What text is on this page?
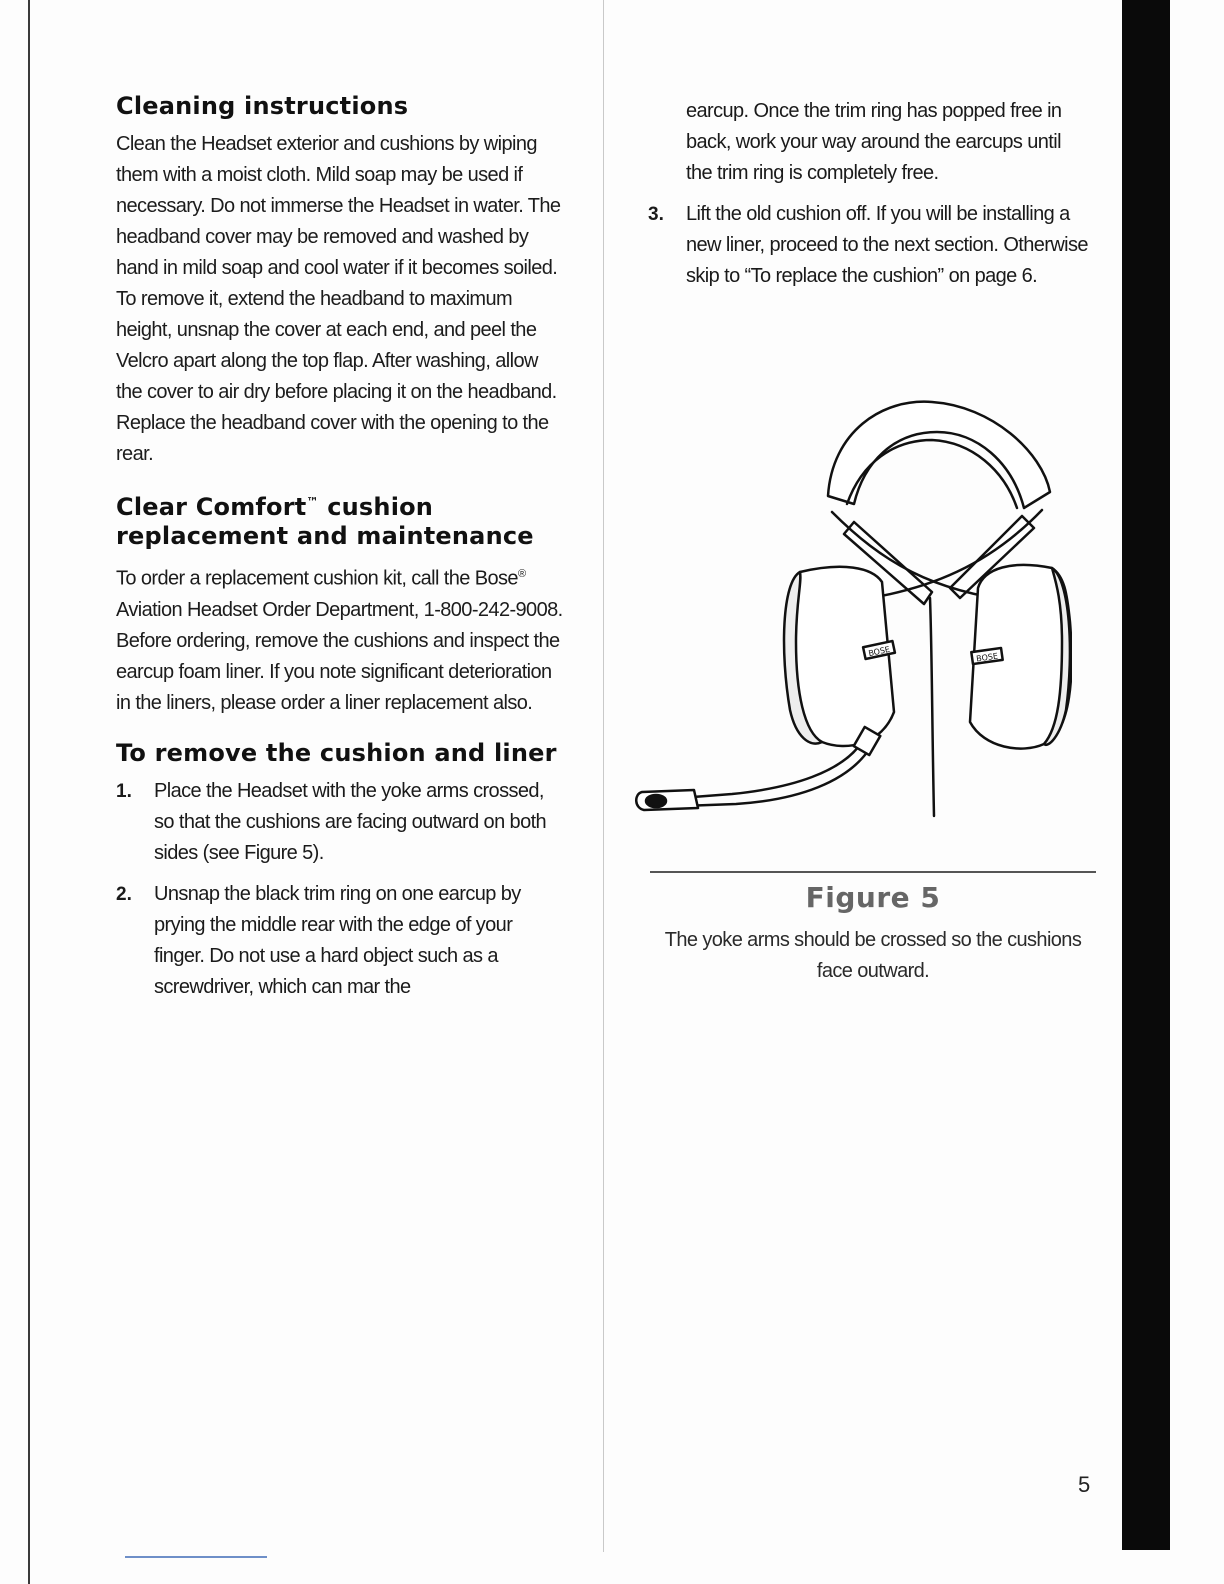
Cleaning instructions

Clean the Headset exterior and cushions by wiping them with a moist cloth. Mild soap may be used if necessary. Do not immerse the Headset in water. The headband cover may be removed and washed by hand in mild soap and cool water if it becomes soiled. To remove it, extend the headband to maximum height, unsnap the cover at each end, and peel the Velcro apart along the top flap. After washing, allow the cover to air dry before placing it on the headband. Replace the headband cover with the opening to the rear.

Clear Comfort™ cushion replacement and maintenance

To order a replacement cushion kit, call the Bose® Aviation Headset Order Department, 1-800-242-9008. Before ordering, remove the cushions and inspect the earcup foam liner. If you note significant deterioration in the liners, please order a liner replacement also.

To remove the cushion and liner
1. Place the Headset with the yoke arms crossed, so that the cushions are facing outward on both sides (see Figure 5).
2. Unsnap the black trim ring on one earcup by prying the middle rear with the edge of your finger. Do not use a hard object such as a screwdriver, which can mar the
earcup. Once the trim ring has popped free in back, work your way around the earcups until the trim ring is completely free.
3. Lift the old cushion off. If you will be installing a new liner, proceed to the next section. Otherwise skip to “To replace the cushion” on page 6.
BOSE	BOSE
Figure 5
The yoke arms should be crossed so the cushions face outward.
5
